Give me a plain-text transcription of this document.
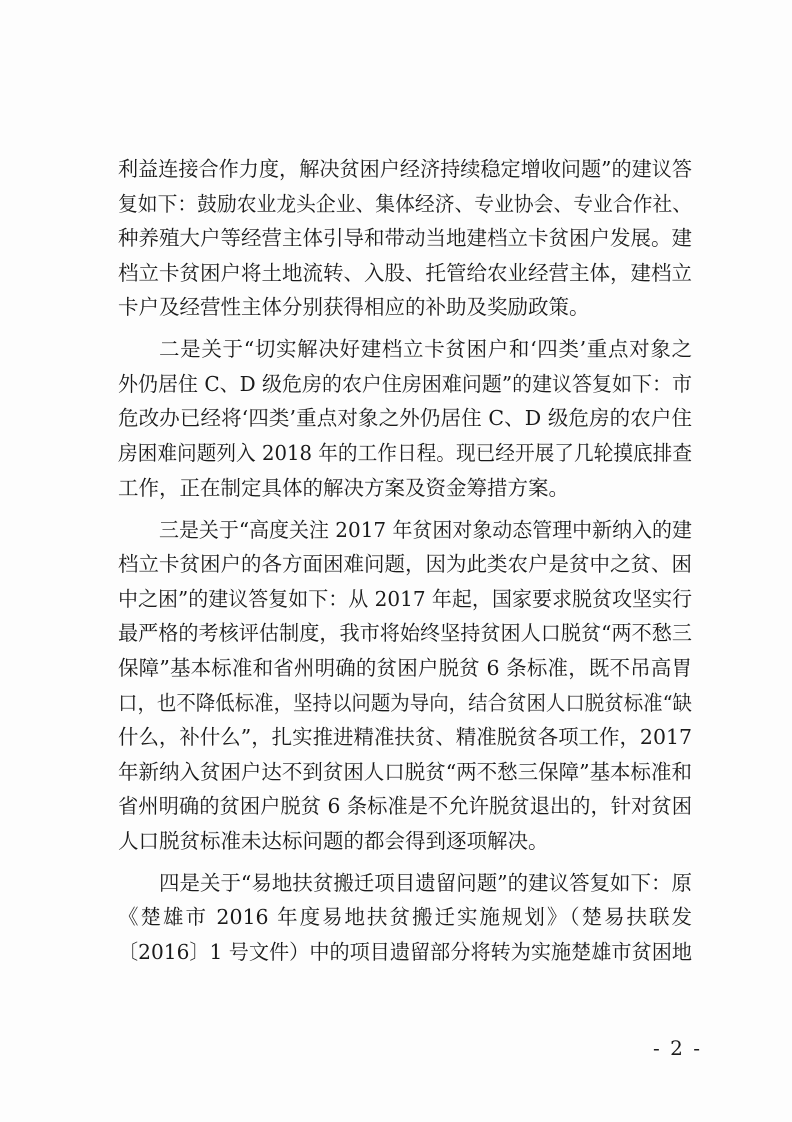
利益连接合作力度，解决贫困户经济持续稳定增收问题”的建议答
复如下：鼓励农业龙头企业、集体经济、专业协会、专业合作社、
种养殖大户等经营主体引导和带动当地建档立卡贫困户发展。建
档立卡贫困户将土地流转、入股、托管给农业经营主体，建档立
卡户及经营性主体分别获得相应的补助及奖励政策。
二是关于“切实解决好建档立卡贫困户和‘四类’重点对象之
外仍居住 C、D 级危房的农户住房困难问题”的建议答复如下：市
危改办已经将‘四类’重点对象之外仍居住 C、D 级危房的农户住
房困难问题列入 2018 年的工作日程。现已经开展了几轮摸底排查
工作，正在制定具体的解决方案及资金筹措方案。
三是关于“高度关注 2017 年贫困对象动态管理中新纳入的建
档立卡贫困户的各方面困难问题，因为此类农户是贫中之贫、困
中之困”的建议答复如下：从 2017 年起，国家要求脱贫攻坚实行
最严格的考核评估制度，我市将始终坚持贫困人口脱贫“两不愁三
保障”基本标准和省州明确的贫困户脱贫 6 条标准，既不吊高胃
口，也不降低标准，坚持以问题为导向，结合贫困人口脱贫标准“缺
什么，补什么”，扎实推进精准扶贫、精准脱贫各项工作，2017
年新纳入贫困户达不到贫困人口脱贫“两不愁三保障”基本标准和
省州明确的贫困户脱贫 6 条标准是不允许脱贫退出的，针对贫困
人口脱贫标准未达标问题的都会得到逐项解决。
四是关于“易地扶贫搬迁项目遗留问题”的建议答复如下：原
《楚雄市 2016 年度易地扶贫搬迁实施规划》（楚易扶联发
〔2016〕1 号文件）中的项目遗留部分将转为实施楚雄市贫困地
- 2 -
